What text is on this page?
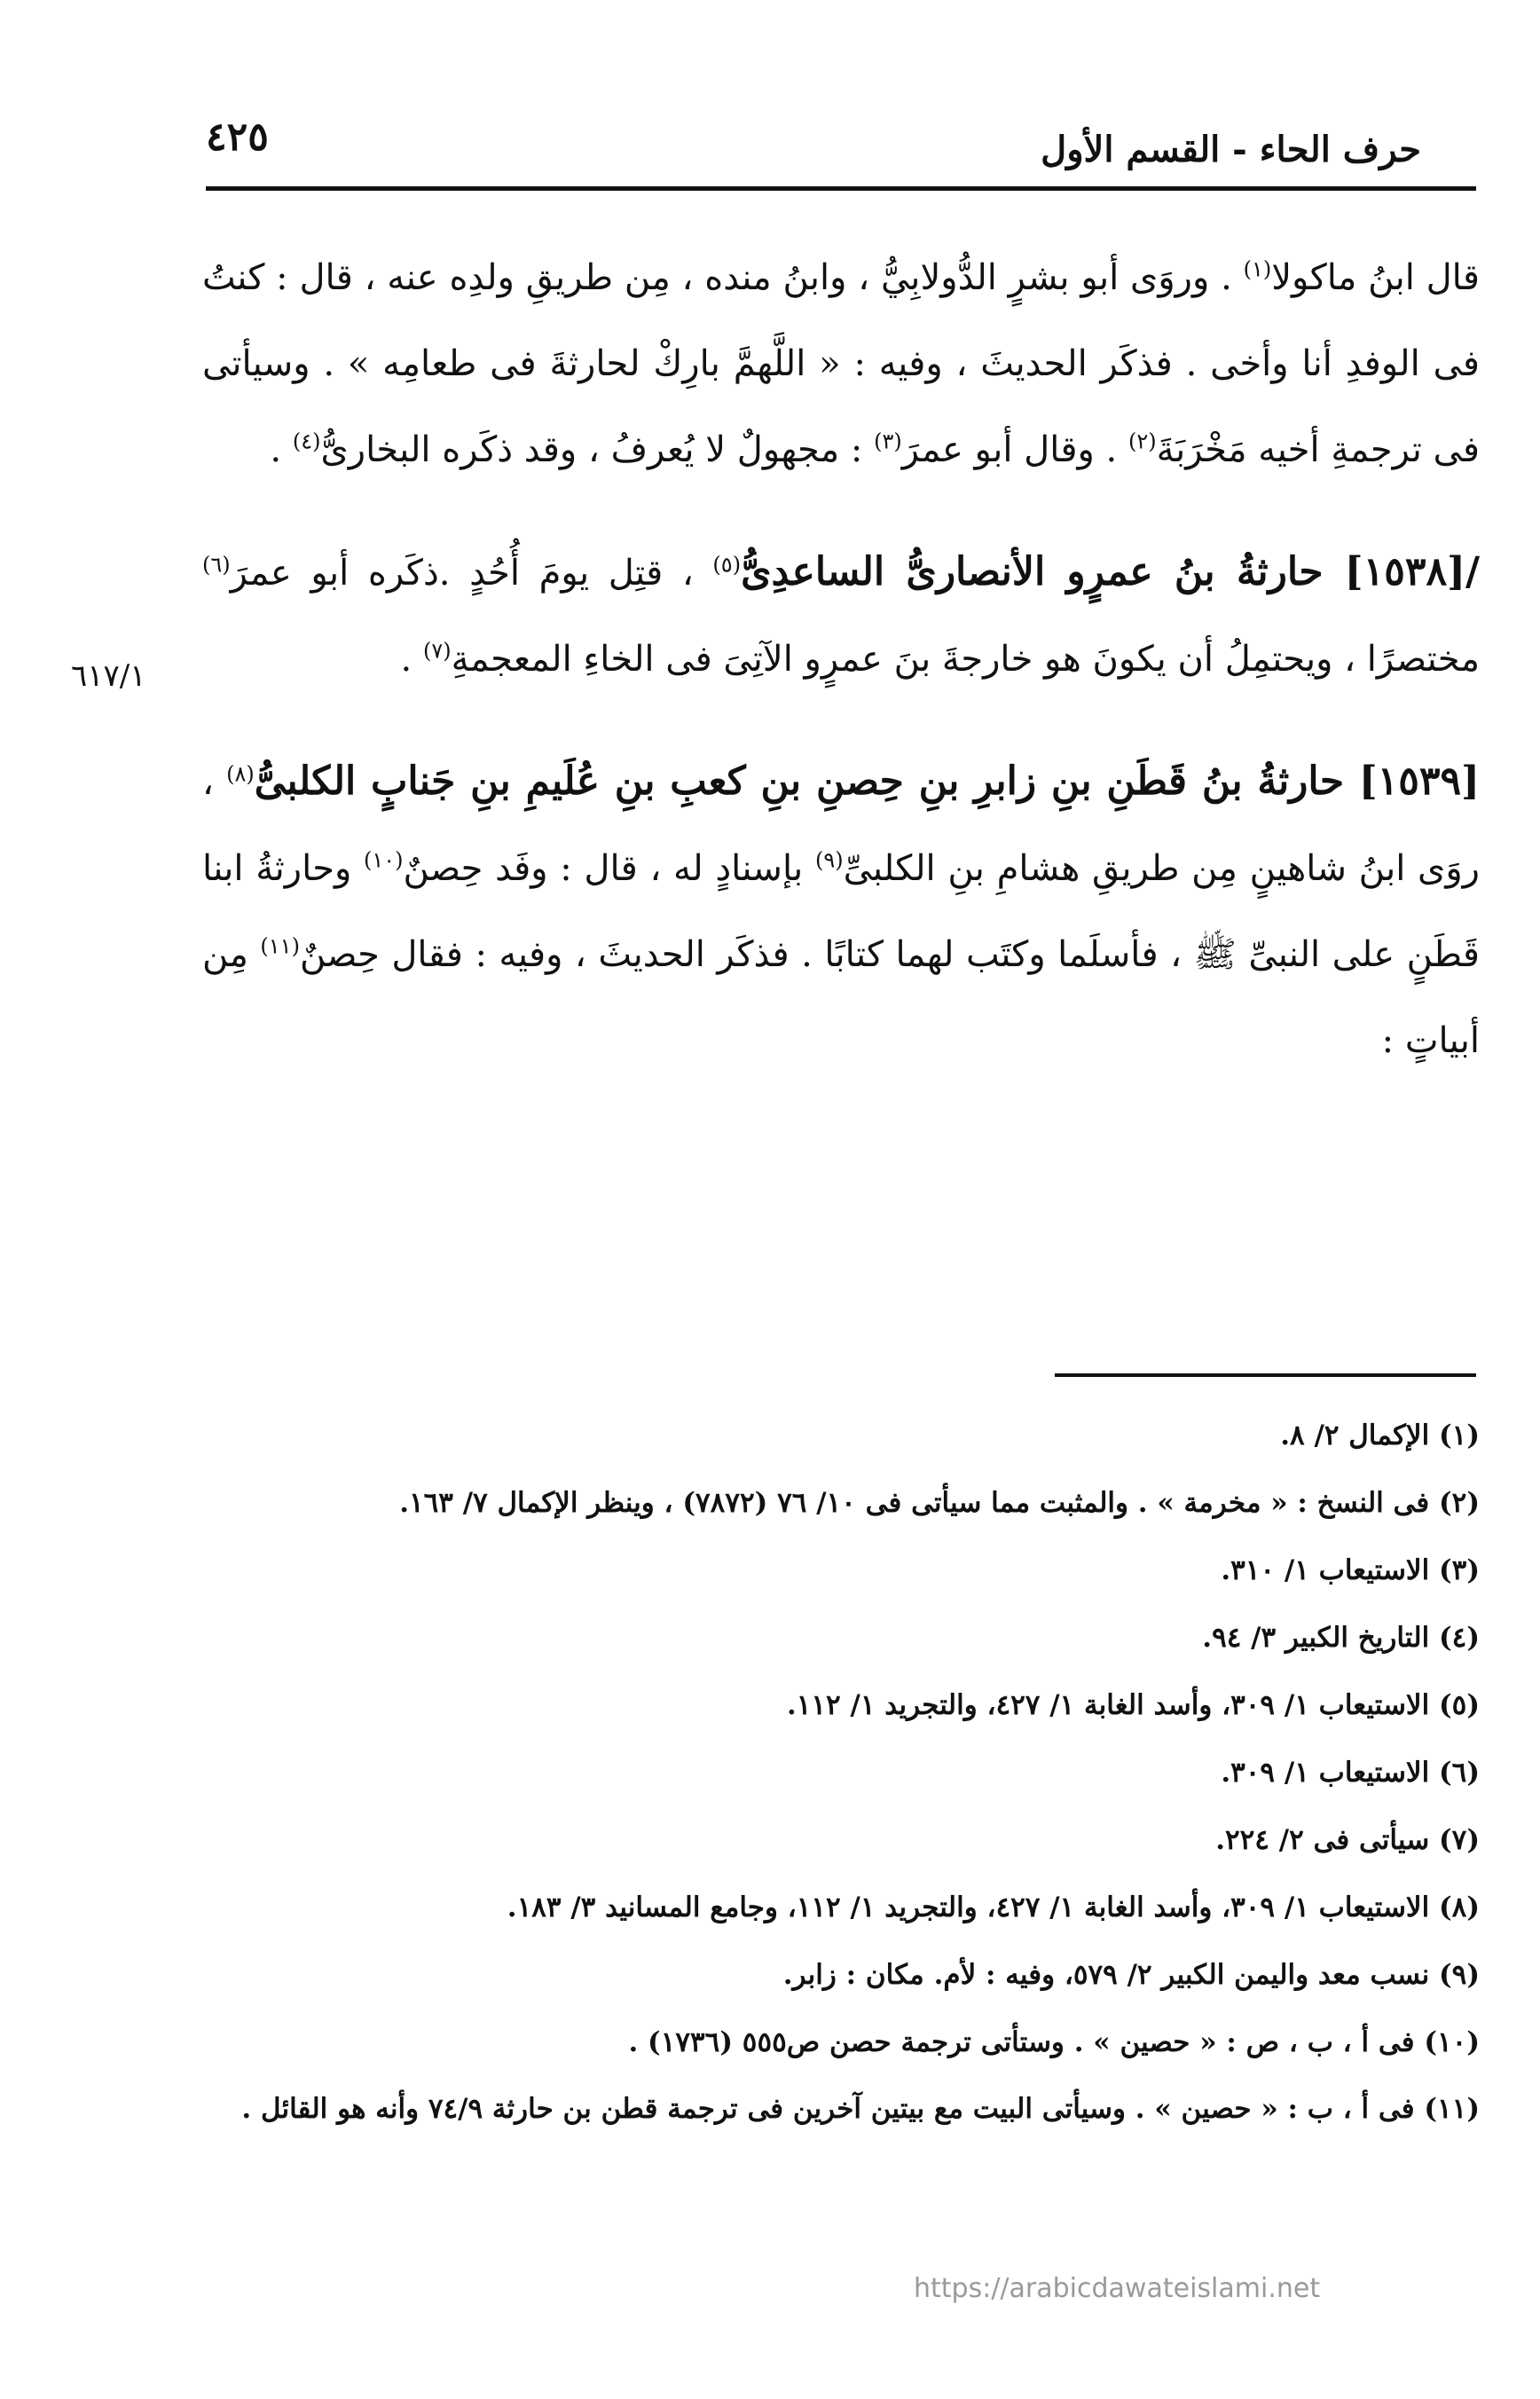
حرف الحاء - القسم الأول
٤٢٥

قال ابنُ ماكولا$^{(١)}$ . وروَى أبو بشرٍ الدُّولابِيُّ ، وابنُ منده ، مِن طريقِ ولدِه عنه ، قال : كنتُ فى الوفدِ أنا وأخى . فذكَر الحديثَ ، وفيه : « اللَّهمَّ بارِكْ لحارثةَ فى طعامِه » . وسيأتى فى ترجمةِ أخيه مَخْرَبَةَ$^{(٢)}$ . وقال أبو عمرَ$^{(٣)}$ : مجهولٌ لا يُعرفُ ، وقد ذكَره البخارىُّ$^{(٤)}$ .

/[١٥٣٨] حارثةُ بنُ عمرٍو الأنصارىُّ الساعدِىُّ$^{(٥)}$ ، قتِل يومَ أُحُدٍ .ذكَره أبو عمرَ$^{(٦)}$ مختصرًا ، ويحتمِلُ أن يكونَ هو خارجةَ بنَ عمرٍو الآتِىَ فى الخاءِ المعجمةِ$^{(٧)}$ .

[١٥٣٩] حارثةُ بنُ قَطَنِ بنِ زابرِ بنِ حِصنِ بنِ كعبِ بنِ عُلَيمِ بنِ جَنابٍ الكلبىُّ$^{(٨)}$ ، روَى ابنُ شاهينٍ مِن طريقِ هشامِ بنِ الكلبىِّ$^{(٩)}$ بإسنادٍ له ، قال : وفَد حِصنٌ$^{(١٠)}$ وحارثةُ ابنا قَطَنٍ على النبىِّ ﷺ ، فأسلَما وكتَب لهما كتابًا . فذكَر الحديثَ ، وفيه : فقال حِصنٌ$^{(١١)}$ مِن أبياتٍ :

٦١٧/١
(١) الإكمال ٢/ ٨.
(٢) فى النسخ : « مخرمة » . والمثبت مما سيأتى فى ١٠/ ٧٦ (٧٨٧٢) ، وينظر الإكمال ٧/ ١٦٣.
(٣) الاستيعاب ١/ ٣١٠.
(٤) التاريخ الكبير ٣/ ٩٤.
(٥) الاستيعاب ١/ ٣٠٩، وأسد الغابة ١/ ٤٢٧، والتجريد ١/ ١١٢.
(٦) الاستيعاب ١/ ٣٠٩.
(٧) سيأتى فى ٢/ ٢٢٤.
(٨) الاستيعاب ١/ ٣٠٩، وأسد الغابة ١/ ٤٢٧، والتجريد ١/ ١١٢، وجامع المسانيد ٣/ ١٨٣.
(٩) نسب معد واليمن الكبير ٢/ ٥٧٩، وفيه : لأم. مكان : زابر.
(١٠) فى أ ، ب ، ص : « حصين » . وستأتى ترجمة حصن ص٥٥٥ (١٧٣٦) .
(١١) فى أ ، ب : « حصين » . وسيأتى البيت مع بيتين آخرين فى ترجمة قطن بن حارثة ٧٤/٩ وأنه هو القائل .
https://arabicdawateislami.net
